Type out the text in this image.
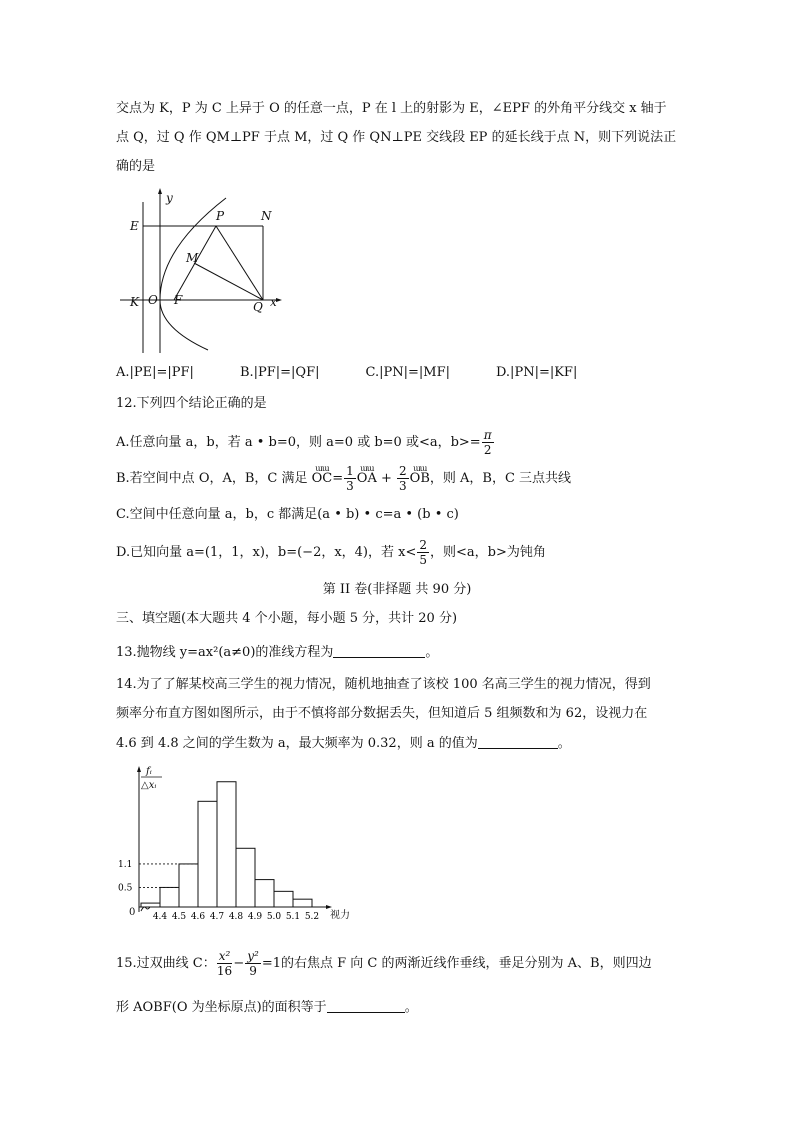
交点为 K，P 为 C 上异于 O 的任意一点，P 在 l 上的射影为 E，∠EPF 的外角平分线交 x 轴于
点 Q，过 Q 作 QM⊥PF 于点 M，过 Q 作 QN⊥PE 交线段 EP 的延长线于点 N，则下列说法正
确的是
y
E
P	N
M
K O F	Q x
A.|PE|=|PF|	B.|PF|=|QF|	C.|PN|=|MF|	D.|PN|=|KF|
12.下列四个结论正确的是
A.任意向量 a，b，若 a • b=0，则 a=0 或 b=0 或<a，$b>= \frac{\pi}{2}$
B.若空间中点 O，A，B，C 满足
ɯɯ
$OC= \frac{1}{3}$ ɯɯ
OA + $\frac{2}{3}$ ɯɯ
OB，则 A，B，C 三点共线
C.空间中任意向量 a，b，c 都满足(a • b) • c=a • (b • c)
D.已知向量 a=(1，1，x)，b=(−2，x，4)，若 $x< \frac{2}{5}$ ，则<a，b>为钝角
第 II 卷(非择题 共 90 分)
三、填空题(本大题共 4 个小题，每小题 5 分，共计 20 分)
13.抛物线 y=ax²(a≠0)的准线方程为	。
14.为了了解某校高三学生的视力情况，随机地抽查了该校 100 名高三学生的视力情况，得到
频率分布直方图如图所示，由于不慎将部分数据丢失，但知道后 5 组频数和为 62，设视力在
4.6 到 4.8 之间的学生数为 a，最大频率为 0.32，则 a 的值为	。
fᵢ
△xᵢ
0	视力
4.4 4.5 4.6 4.7 4.8 4.9 5.0 5.1 5.2
0.5
1.1
15.过双曲线 C： $\frac{\text{x²}}{16} - \frac{\text{y²}}{9} =1$的右焦点 F 向 C 的两渐近线作垂线，垂足分别为 A、B，则四边
形 AOBF(O 为坐标原点)的面积等于	。
